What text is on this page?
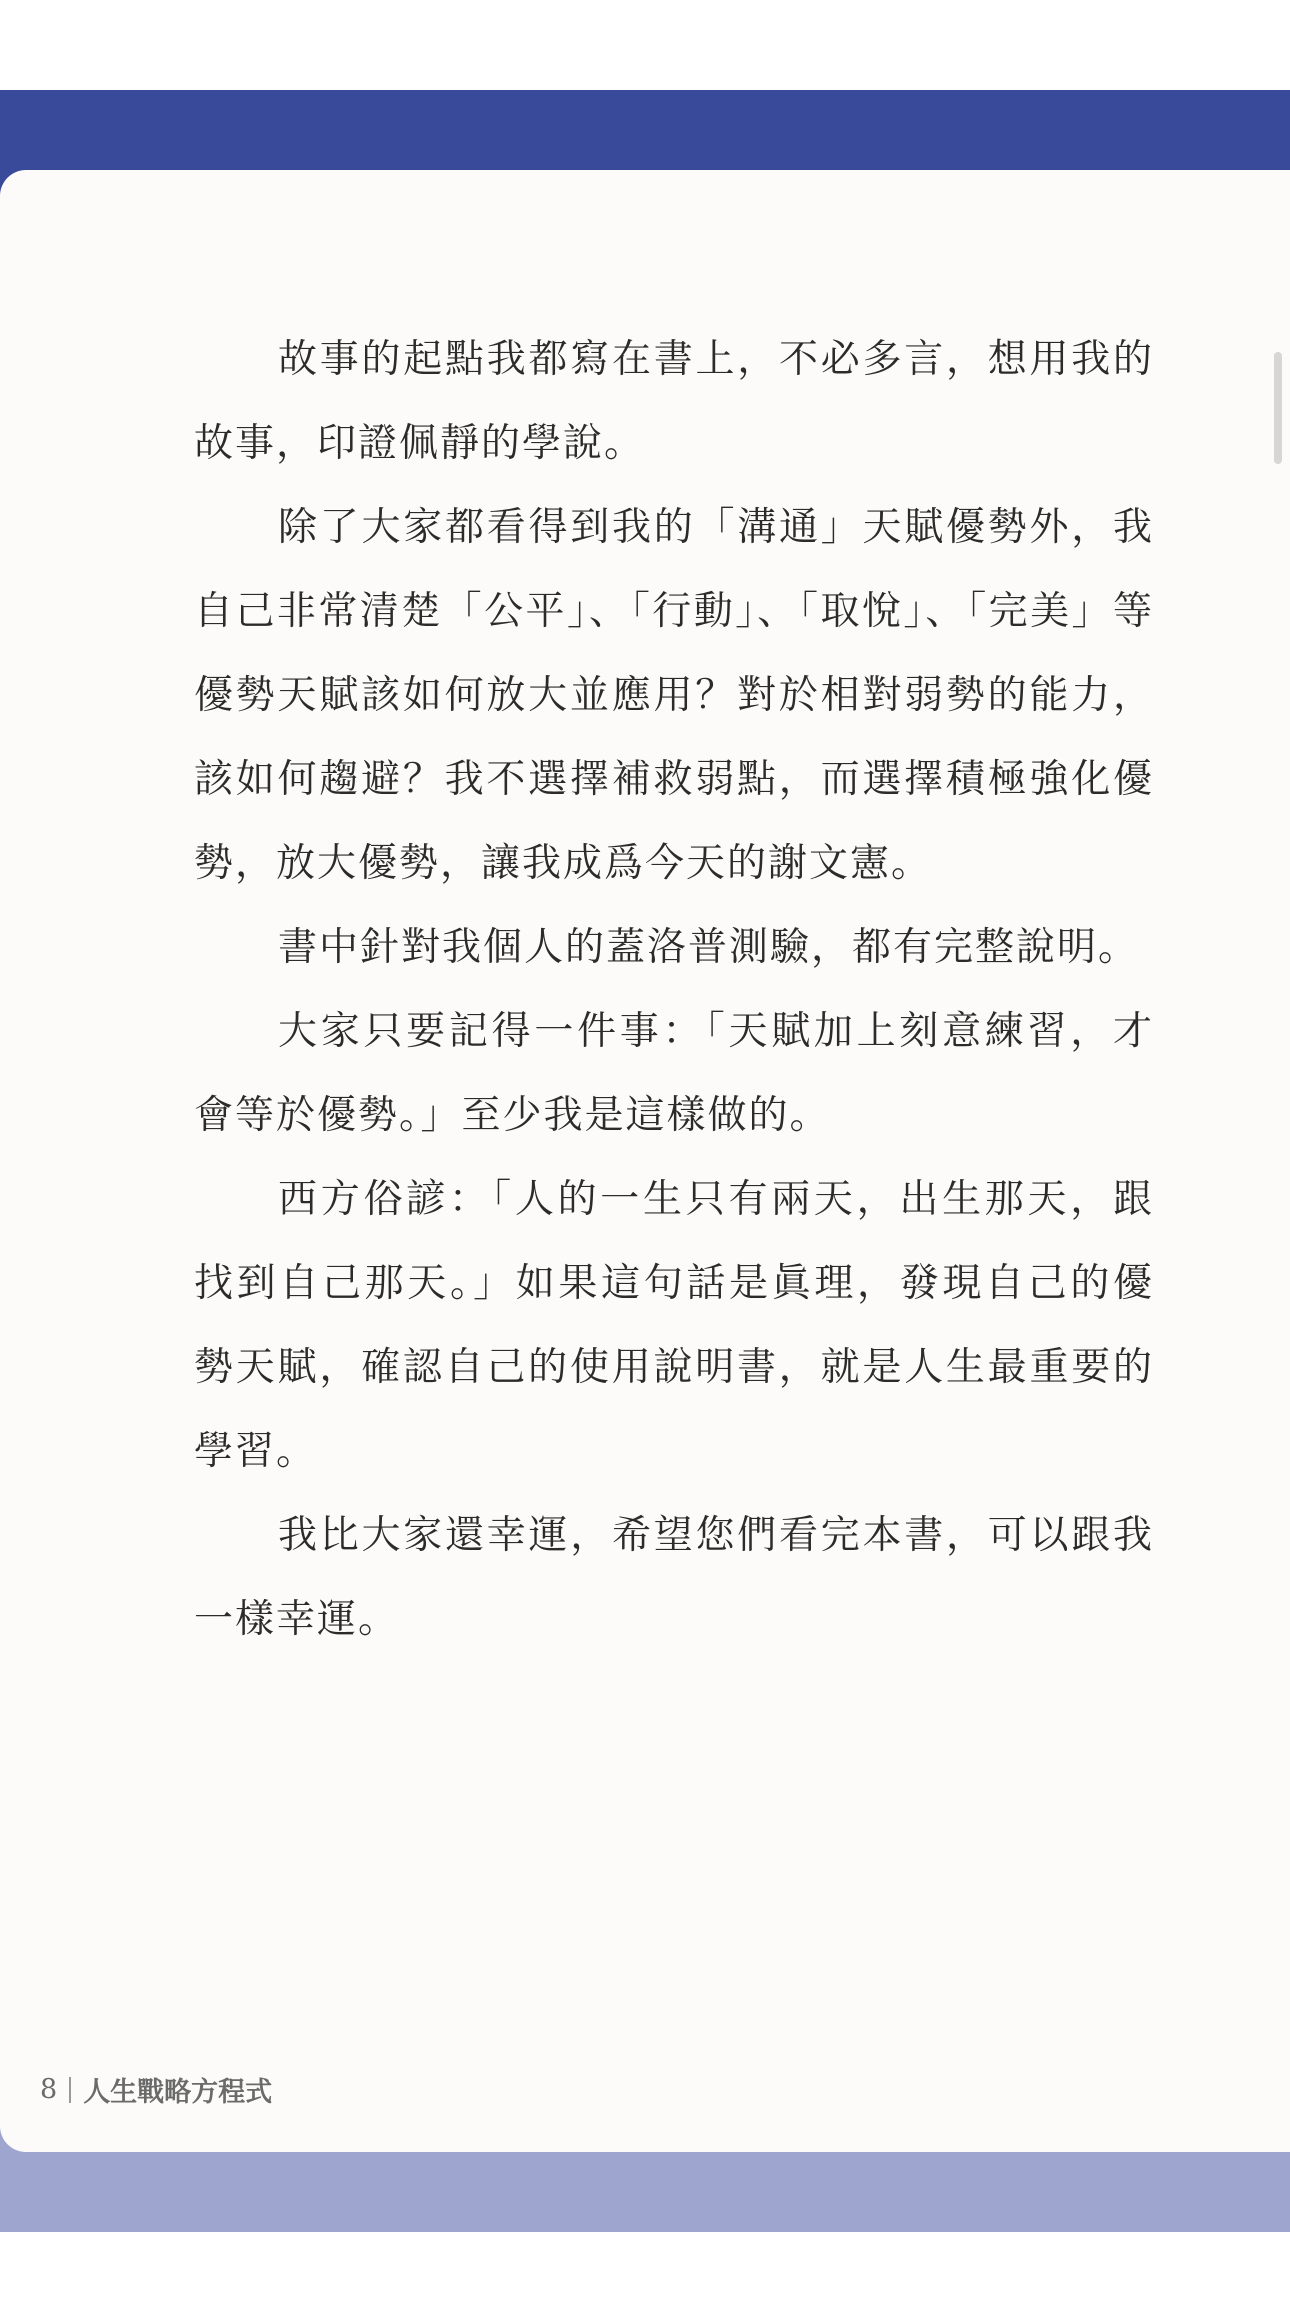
故事的起點我都寫在書上，不必多言，想用我的故事，印證佩靜的學說。

除了大家都看得到我的「溝通」天賦優勢外，我自己非常清楚「公平」、「行動」、「取悅」、「完美」等優勢天賦該如何放大並應用？對於相對弱勢的能力，該如何趨避？我不選擇補救弱點，而選擇積極強化優勢，放大優勢，讓我成爲今天的謝文憲。

書中針對我個人的蓋洛普測驗，都有完整說明。

大家只要記得一件事：「天賦加上刻意練習，才會等於優勢。」至少我是這樣做的。

西方俗諺：「人的一生只有兩天，出生那天，跟找到自己那天。」如果這句話是眞理，發現自己的優勢天賦，確認自己的使用說明書，就是人生最重要的學習。

我比大家還幸運，希望您們看完本書，可以跟我一樣幸運。

8 人生戰略方程式
